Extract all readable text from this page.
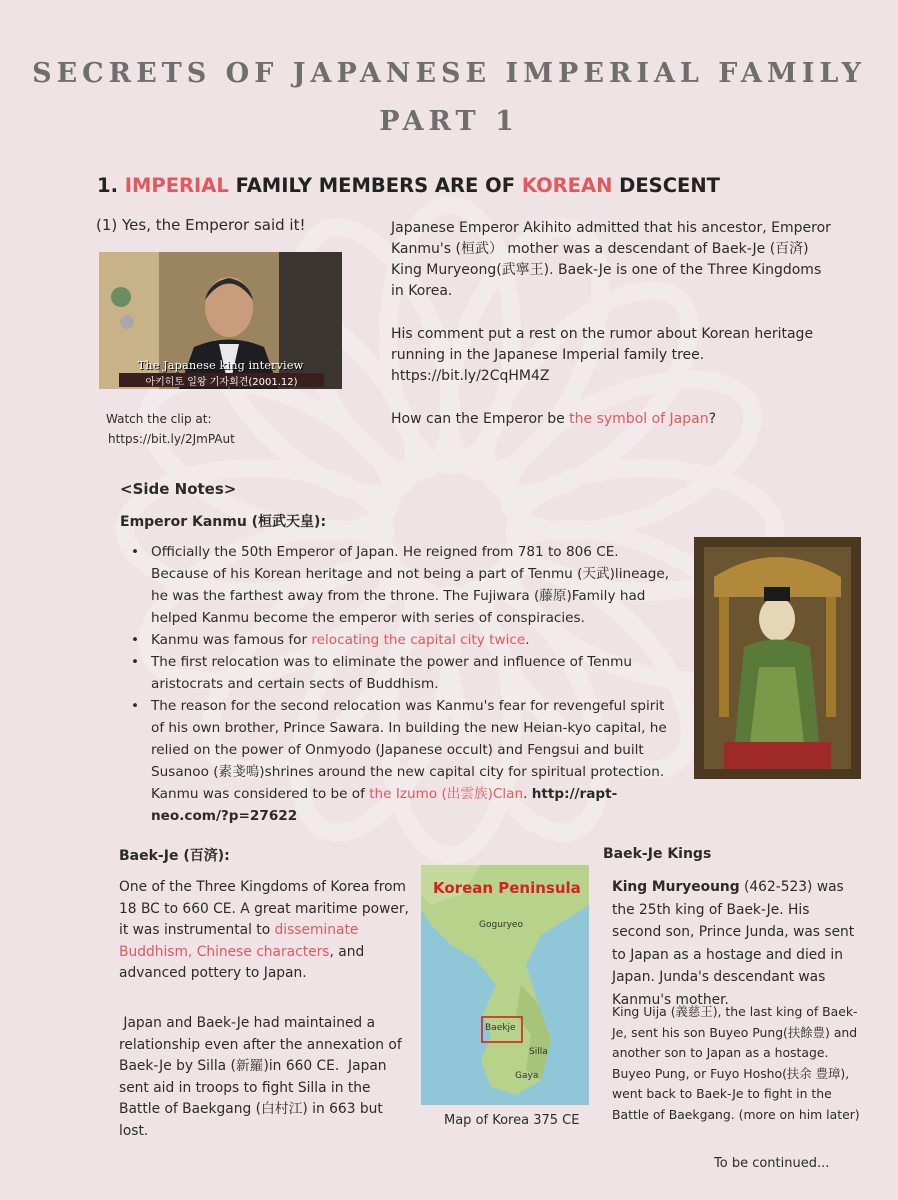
SECRETS OF JAPANESE IMPERIAL FAMILY
PART 1
1. IMPERIAL FAMILY MEMBERS ARE OF KOREAN DESCENT
(1) Yes, the Emperor said it!
The Japanese king interview
아키히토 일왕 기자회견(2001.12)
Watch the clip at:
https://bit.ly/2JmPAut
Japanese Emperor Akihito admitted that his ancestor, Emperor Kanmu's (桓武） mother was a descendant of Baek-Je (百済) King Muryeong(武寧王). Baek-Je is one of the Three Kingdoms in Korea.
His comment put a rest on the rumor about Korean heritage running in the Japanese Imperial family tree.
https://bit.ly/2CqHM4Z
How can the Emperor be the symbol of Japan?
<Side Notes>
Emperor Kanmu (桓武天皇):
• Officially the 50th Emperor of Japan. He reigned from 781 to 806 CE. Because of his Korean heritage and not being a part of Tenmu (天武)lineage, he was the farthest away from the throne. The Fujiwara (藤原)Family had helped Kanmu become the emperor with series of conspiracies.
• Kanmu was famous for relocating the capital city twice.
• The first relocation was to eliminate the power and influence of Tenmu aristocrats and certain sects of Buddhism.
• The reason for the second relocation was Kanmu's fear for revengeful spirit of his own brother, Prince Sawara. In building the new Heian-kyo capital, he relied on the power of Onmyodo (Japanese occult) and Fengsui and built Susanoo (素戔嗚)shrines around the new capital city for spiritual protection. Kanmu was considered to be of the Izumo (出雲族)Clan. http://rapt-neo.com/?p=27622
Baek-Je (百済):
One of the Three Kingdoms of Korea from 18 BC to 660 CE. A great maritime power, it was instrumental to disseminate Buddhism, Chinese characters, and advanced pottery to Japan.
Japan and Baek-Je had maintained a relationship even after the annexation of Baek-Je by Silla (新羅)in 660 CE.  Japan sent aid in troops to fight Silla in the Battle of Baekgang (白村江) in 663 but lost.
Korean Peninsula
Goguryeo
Baekje
Silla
Gaya
Map of Korea 375 CE
Baek-Je Kings
King Muryeoung (462-523) was the 25th king of Baek-Je. His second son, Prince Junda, was sent to Japan as a hostage and died in Japan. Junda's descendant was Kanmu's mother.
King Uija (義慈王), the last king of Baek-Je, sent his son Buyeo Pung(扶餘豊) and another son to Japan as a hostage. Buyeo Pung, or Fuyo Hosho(扶余 豊璋), went back to Baek-Je to fight in the Battle of Baekgang. (more on him later)
To be continued...
